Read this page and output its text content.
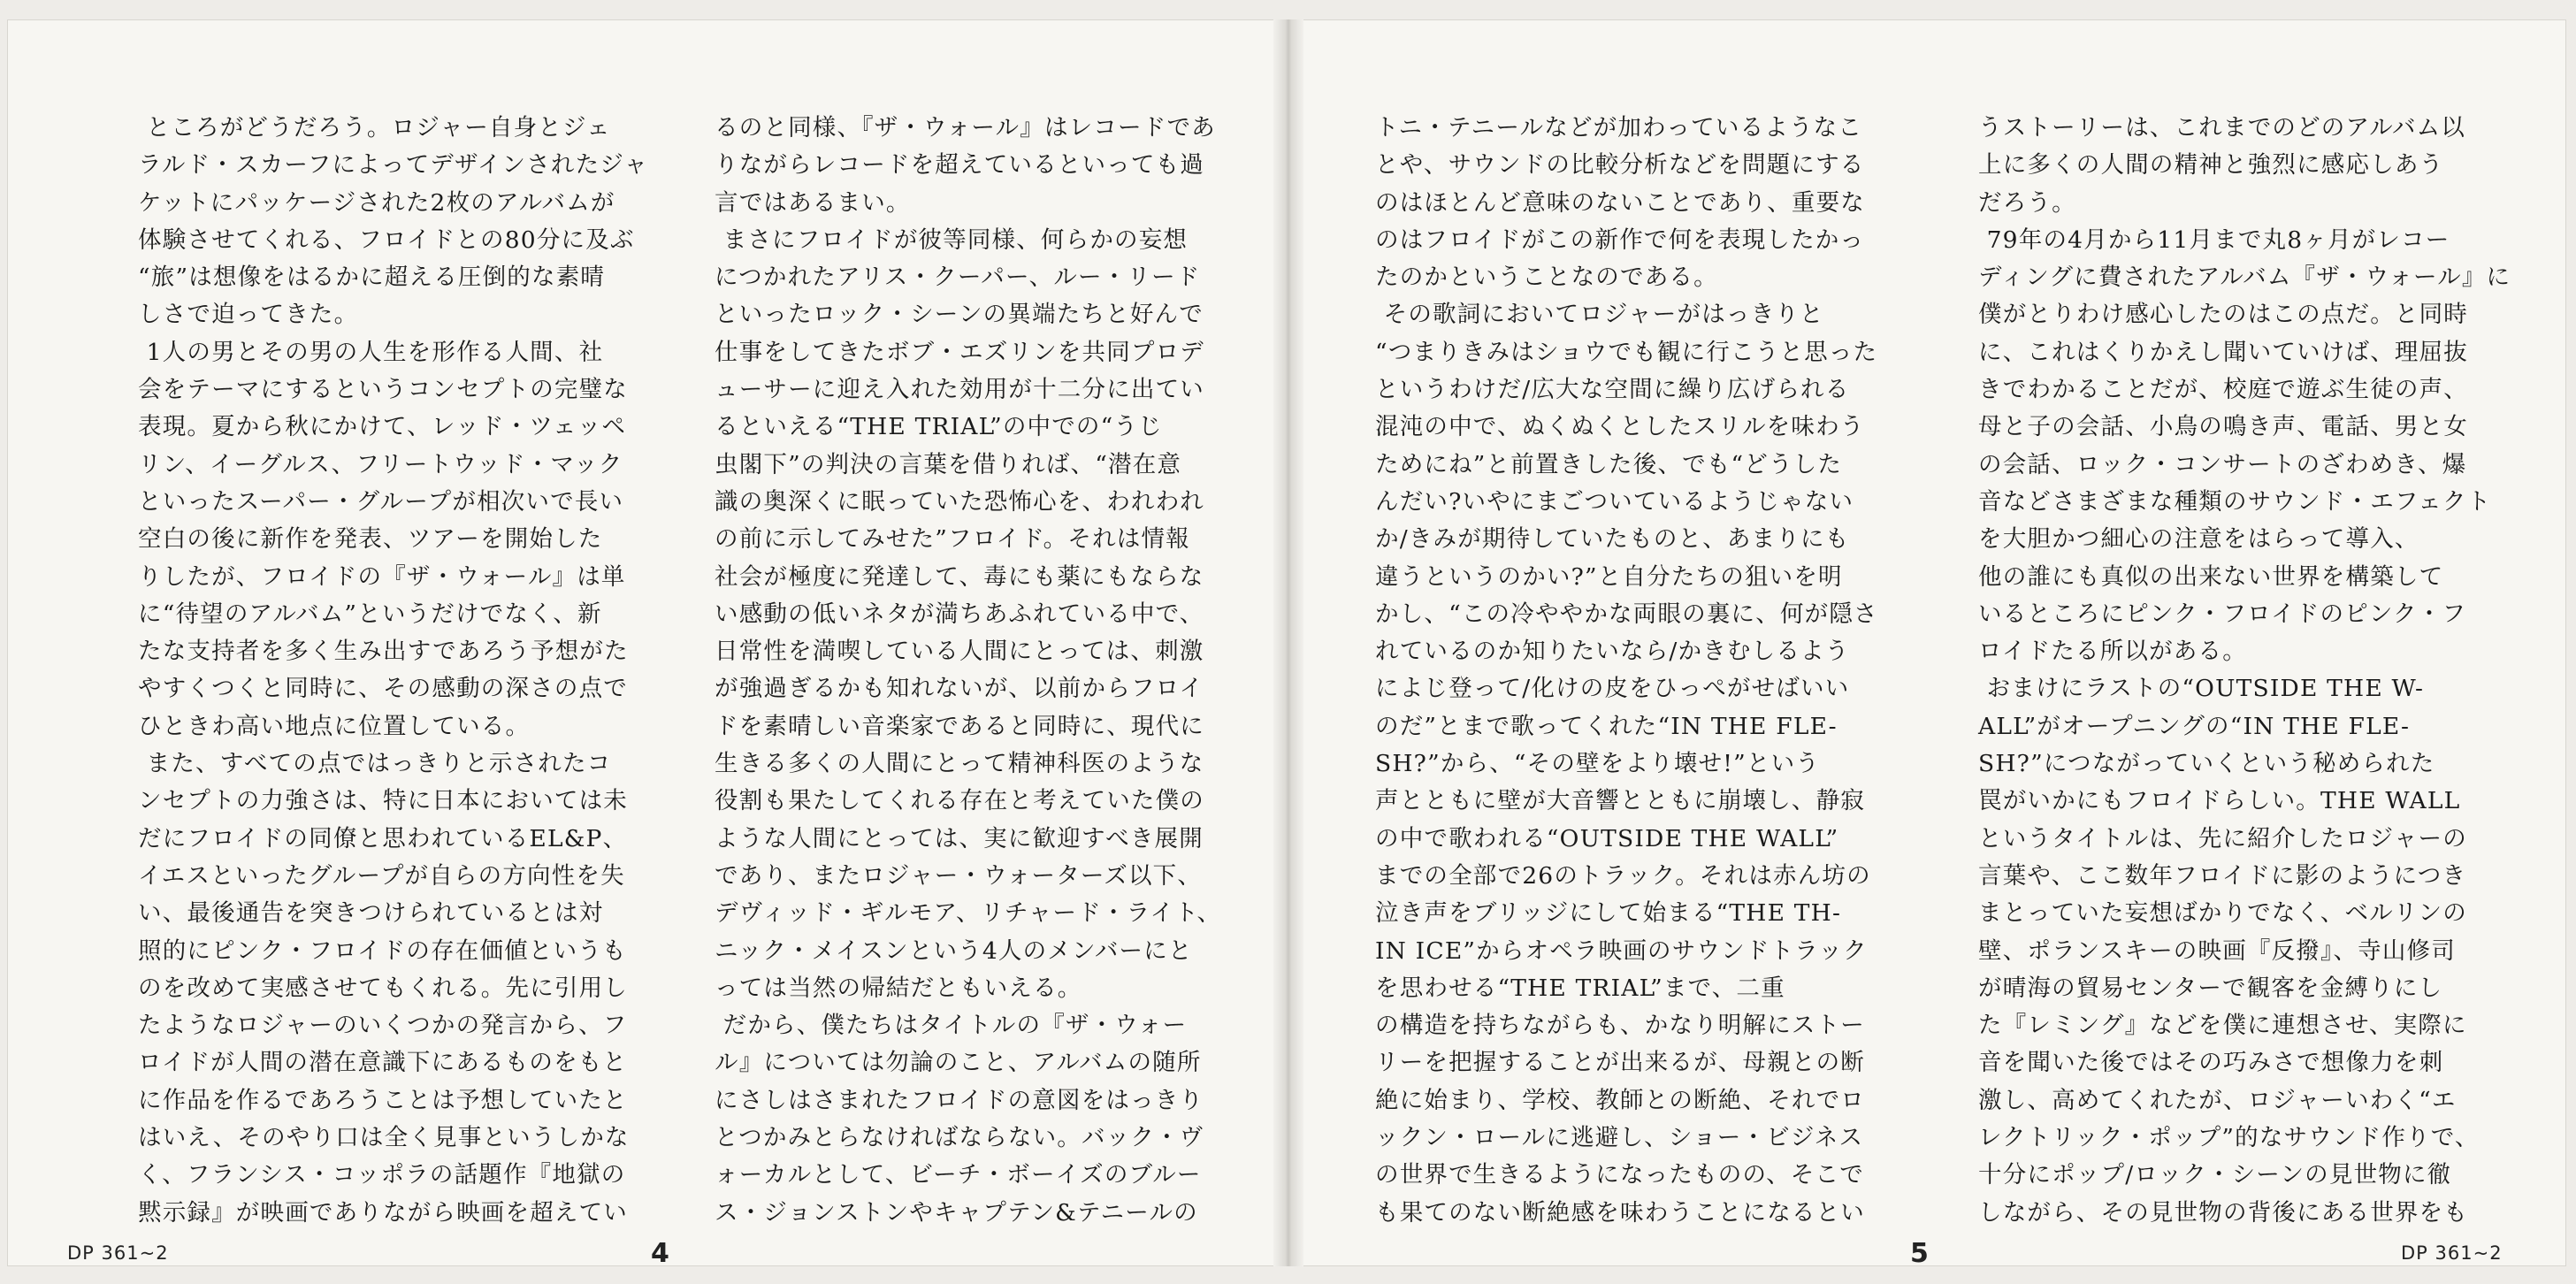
ところがどうだろう。ロジャー自身とジェ
ラルド・スカーフによってデザインされたジャ
ケットにパッケージされた2枚のアルバムが
体験させてくれる、フロイドとの80分に及ぶ
“旅”は想像をはるかに超える圧倒的な素晴
しさで迫ってきた。
1人の男とその男の人生を形作る人間、社
会をテーマにするというコンセプトの完璧な
表現。夏から秋にかけて、レッド・ツェッペ
リン、イーグルス、フリートウッド・マック
といったスーパー・グループが相次いで長い
空白の後に新作を発表、ツアーを開始した
りしたが、フロイドの『ザ・ウォール』は単
に“待望のアルバム”というだけでなく、新
たな支持者を多く生み出すであろう予想がた
やすくつくと同時に、その感動の深さの点で
ひときわ高い地点に位置している。
また、すべての点ではっきりと示されたコ
ンセプトの力強さは、特に日本においては未
だにフロイドの同僚と思われているEL&P、
イエスといったグループが自らの方向性を失
い、最後通告を突きつけられているとは対
照的にピンク・フロイドの存在価値というも
のを改めて実感させてもくれる。先に引用し
たようなロジャーのいくつかの発言から、フ
ロイドが人間の潜在意識下にあるものをもと
に作品を作るであろうことは予想していたと
はいえ、そのやり口は全く見事というしかな
く、フランシス・コッポラの話題作『地獄の
黙示録』が映画でありながら映画を超えてい
るのと同様、『ザ・ウォール』はレコードであ
りながらレコードを超えているといっても過
言ではあるまい。
まさにフロイドが彼等同様、何らかの妄想
につかれたアリス・クーパー、ルー・リード
といったロック・シーンの異端たちと好んで
仕事をしてきたボブ・エズリンを共同プロデ
ューサーに迎え入れた効用が十二分に出てい
るといえる“THE TRIAL”の中での“うじ
虫閣下”の判決の言葉を借りれば、“潜在意
識の奥深くに眠っていた恐怖心を、われわれ
の前に示してみせた”フロイド。それは情報
社会が極度に発達して、毒にも薬にもならな
い感動の低いネタが満ちあふれている中で、
日常性を満喫している人間にとっては、刺激
が強過ぎるかも知れないが、以前からフロイ
ドを素晴しい音楽家であると同時に、現代に
生きる多くの人間にとって精神科医のような
役割も果たしてくれる存在と考えていた僕の
ような人間にとっては、実に歓迎すべき展開
であり、またロジャー・ウォーターズ以下、
デヴィッド・ギルモア、リチャード・ライト、
ニック・メイスンという4人のメンバーにと
っては当然の帰結だともいえる。
だから、僕たちはタイトルの『ザ・ウォー
ル』については勿論のこと、アルバムの随所
にさしはさまれたフロイドの意図をはっきり
とつかみとらなければならない。バック・ヴ
ォーカルとして、ビーチ・ボーイズのブルー
ス・ジョンストンやキャプテン&テニールの
DP 361~2	4
トニ・テニールなどが加わっているようなこ
とや、サウンドの比較分析などを問題にする
のはほとんど意味のないことであり、重要な
のはフロイドがこの新作で何を表現したかっ
たのかということなのである。
その歌詞においてロジャーがはっきりと
“つまりきみはショウでも観に行こうと思った
というわけだ/広大な空間に繰り広げられる
混沌の中で、ぬくぬくとしたスリルを味わう
ためにね”と前置きした後、でも“どうした
んだい?いやにまごついているようじゃない
か/きみが期待していたものと、あまりにも
違うというのかい?”と自分たちの狙いを明
かし、“この冷ややかな両眼の裏に、何が隠さ
れているのか知りたいなら/かきむしるよう
によじ登って/化けの皮をひっぺがせばいい
のだ”とまで歌ってくれた“IN THE FLE-
SH?”から、“その壁をより壊せ!”という
声とともに壁が大音響とともに崩壊し、静寂
の中で歌われる“OUTSIDE THE WALL”
までの全部で26のトラック。それは赤ん坊の
泣き声をブリッジにして始まる“THE TH-
IN ICE”からオペラ映画のサウンドトラック
を思わせる“THE TRIAL”まで、二重
の構造を持ちながらも、かなり明解にストー
リーを把握することが出来るが、母親との断
絶に始まり、学校、教師との断絶、それでロ
ックン・ロールに逃避し、ショー・ビジネス
の世界で生きるようになったものの、そこで
も果てのない断絶感を味わうことになるとい
うストーリーは、これまでのどのアルバム以
上に多くの人間の精神と強烈に感応しあう
だろう。
79年の4月から11月まで丸8ヶ月がレコー
ディングに費されたアルバム『ザ・ウォール』に
僕がとりわけ感心したのはこの点だ。と同時
に、これはくりかえし聞いていけば、理屈抜
きでわかることだが、校庭で遊ぶ生徒の声、
母と子の会話、小鳥の鳴き声、電話、男と女
の会話、ロック・コンサートのざわめき、爆
音などさまざまな種類のサウンド・エフェクト
を大胆かつ細心の注意をはらって導入、
他の誰にも真似の出来ない世界を構築して
いるところにピンク・フロイドのピンク・フ
ロイドたる所以がある。
おまけにラストの“OUTSIDE THE W-
ALL”がオープニングの“IN THE FLE-
SH?”につながっていくという秘められた
罠がいかにもフロイドらしい。THE WALL
というタイトルは、先に紹介したロジャーの
言葉や、ここ数年フロイドに影のようにつき
まとっていた妄想ばかりでなく、ベルリンの
壁、ポランスキーの映画『反撥』、寺山修司
が晴海の貿易センターで観客を金縛りにし
た『レミング』などを僕に連想させ、実際に
音を聞いた後ではその巧みさで想像力を刺
激し、高めてくれたが、ロジャーいわく“エ
レクトリック・ポップ”的なサウンド作りで、
十分にポップ/ロック・シーンの見世物に徹
しながら、その見世物の背後にある世界をも
5	DP 361~2
